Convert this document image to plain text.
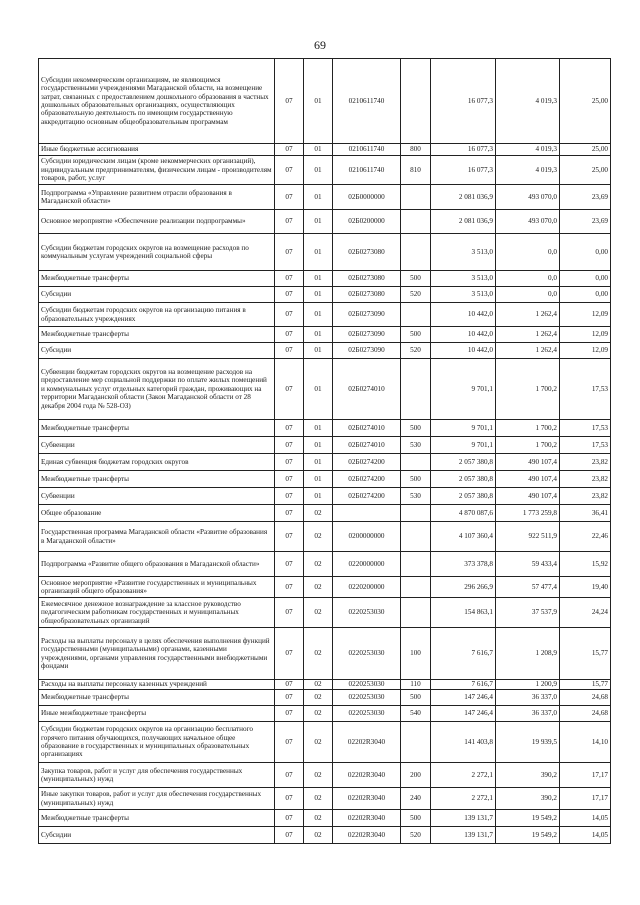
69
Субсидии некоммерческим организациям, не являющимся государственными учреждениями Магаданской области, на возмещение затрат, связанных с предоставлением дошкольного образования в частных дошкольных образовательных организациях, осуществляющих образовательную деятельность по имеющим государственную аккредитацию основным общеобразовательным программам	07	01	0210611740		16 077,3	4 019,3	25,00
Иные бюджетные ассигнования	07	01	0210611740	800	16 077,3	4 019,3	25,00
Субсидии юридическим лицам (кроме некоммерческих организаций), индивидуальным предпринимателям, физическим лицам - производителям товаров, работ, услуг	07	01	0210611740	810	16 077,3	4 019,3	25,00
Подпрограмма «Управление развитием отрасли образования в Магаданской области»	07	01	02Б0000000		2 081 036,9	493 070,0	23,69
Основное мероприятие «Обеспечение реализации подпрограммы»	07	01	02Б0200000		2 081 036,9	493 070,0	23,69
Субсидии бюджетам городских округов на возмещение расходов по коммунальным услугам учреждений социальной сферы	07	01	02Б0273080		3 513,0	0,0	0,00
Межбюджетные трансферты	07	01	02Б0273080	500	3 513,0	0,0	0,00
Субсидии	07	01	02Б0273080	520	3 513,0	0,0	0,00
Субсидии бюджетам городских округов на организацию питания в образовательных учреждениях	07	01	02Б0273090		10 442,0	1 262,4	12,09
Межбюджетные трансферты	07	01	02Б0273090	500	10 442,0	1 262,4	12,09
Субсидии	07	01	02Б0273090	520	10 442,0	1 262,4	12,09
Субвенции бюджетам городских округов на возмещение расходов на предоставление мер социальной поддержки по оплате жилых помещений и коммунальных услуг отдельных категорий граждан, проживающих на территории Магаданской области (Закон Магаданской области от 28 декабря 2004 года № 528-ОЗ)	07	01	02Б0274010		9 701,1	1 700,2	17,53
Межбюджетные трансферты	07	01	02Б0274010	500	9 701,1	1 700,2	17,53
Субвенции	07	01	02Б0274010	530	9 701,1	1 700,2	17,53
Единая субвенция бюджетам городских округов	07	01	02Б0274200		2 057 380,8	490 107,4	23,82
Межбюджетные трансферты	07	01	02Б0274200	500	2 057 380,8	490 107,4	23,82
Субвенции	07	01	02Б0274200	530	2 057 380,8	490 107,4	23,82
Общее образование	07	02			4 870 087,6	1 773 259,8	36,41
Государственная программа Магаданской области «Развитие образования в Магаданской области»	07	02	0200000000		4 107 360,4	922 511,9	22,46
Подпрограмма «Развитие общего образования в Магаданской области»	07	02	0220000000		373 378,8	59 433,4	15,92
Основное мероприятие «Развитие государственных и муниципальных организаций общего образования»	07	02	0220200000		296 266,9	57 477,4	19,40
Ежемесячное денежное вознаграждение за классное руководство педагогическим работникам государственных и муниципальных общеобразовательных организаций	07	02	0220253030		154 863,1	37 537,9	24,24
Расходы на выплаты персоналу в целях обеспечения выполнения функций государственными (муниципальными) органами, казенными учреждениями, органами управления государственными внебюджетными фондами	07	02	0220253030	100	7 616,7	1 208,9	15,77
Расходы на выплаты персоналу казенных учреждений	07	02	0220253030	110	7 616,7	1 200,9	15,77
Межбюджетные трансферты	07	02	0220253030	500	147 246,4	36 337,0	24,68
Иные межбюджетные трансферты	07	02	0220253030	540	147 246,4	36 337,0	24,68
Субсидии бюджетам городских округов на организацию бесплатного горячего питания обучающихся, получающих начальное общее образование в государственных и муниципальных образовательных организациях	07	02	02202R3040		141 403,8	19 939,5	14,10
Закупка товаров, работ и услуг для обеспечения государственных (муниципальных) нужд	07	02	02202R3040	200	2 272,1	390,2	17,17
Иные закупки товаров, работ и услуг для обеспечения государственных (муниципальных) нужд	07	02	02202R3040	240	2 272,1	390,2	17,17
Межбюджетные трансферты	07	02	02202R3040	500	139 131,7	19 549,2	14,05
Субсидии	07	02	02202R3040	520	139 131,7	19 549,2	14,05
